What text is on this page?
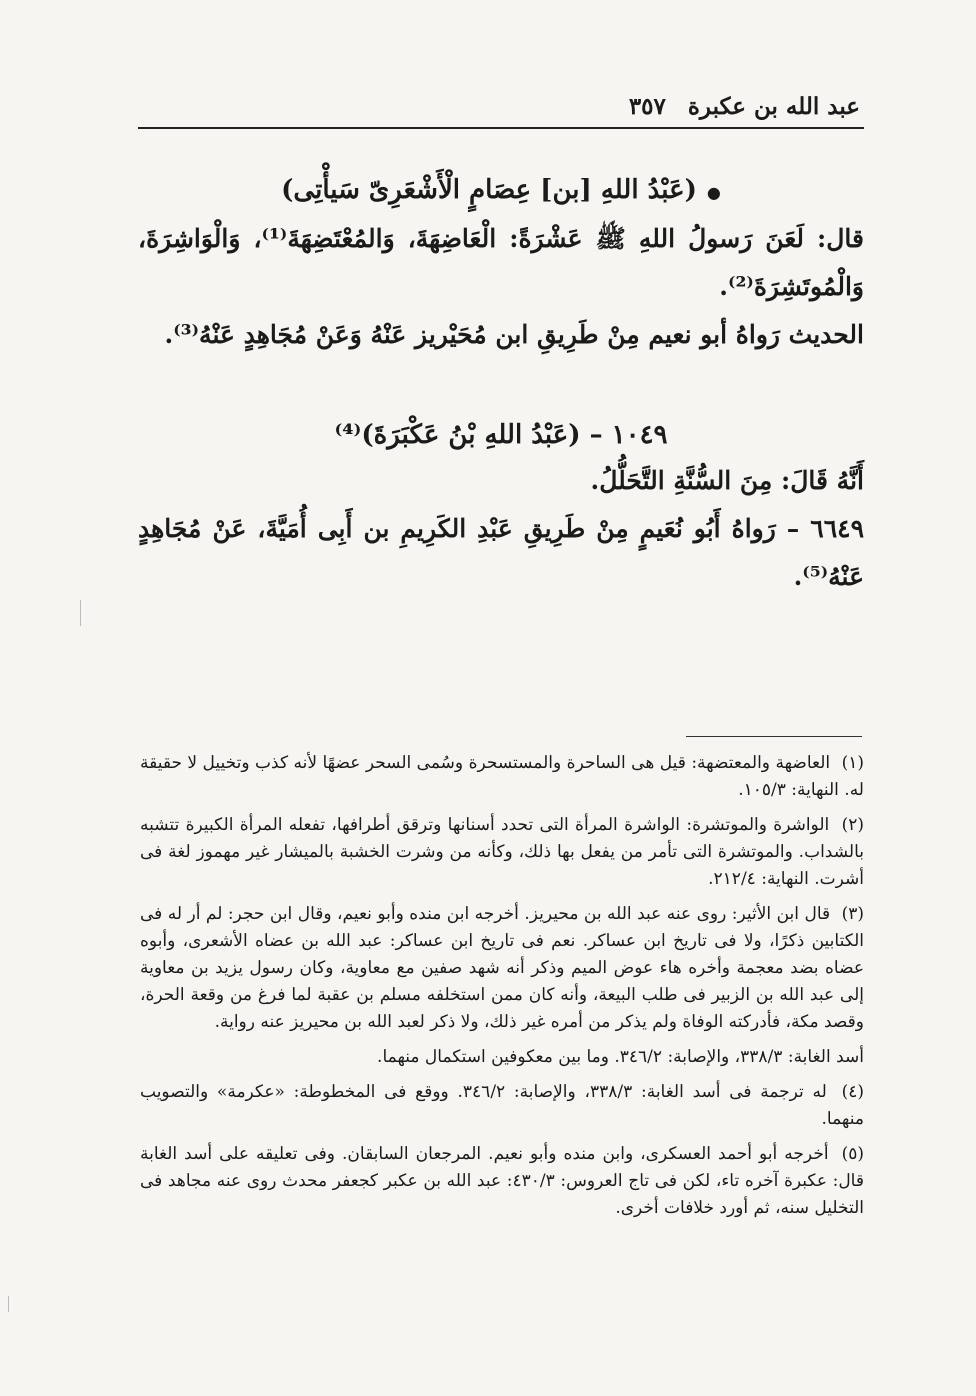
عبد الله بن عكبرة
٣٥٧

●(عَبْدُ اللهِ [بن] عِصَامٍ الْأَشْعَرِىّ سَيأْتِى)

قال: لَعَنَ رَسولُ اللهِ ﷺ عَشْرَةً: الْعَاضِهَةَ، وَالمُعْتَضِهَةَ⁽¹⁾، وَالْوَاشِرَةَ، وَالْمُوتَشِرَةَ⁽²⁾.

الحديث رَواهُ أبو نعيم مِنْ طَرِيقِ ابن مُحَيْريز عَنْهُ وَعَنْ مُجَاهِدٍ عَنْهُ⁽³⁾.

١٠٤٩ – (عَبْدُ اللهِ بْنُ عَكْبَرَةَ)⁽⁴⁾

أَنَّهُ قَالَ: مِنَ السُّنَّةِ التَّحَلُّلُ.

٦٦٤٩ – رَواهُ أَبُو نُعَيمٍ مِنْ طَرِيقِ عَبْدِ الكَرِيمِ بن أَبِى أُمَيَّةَ، عَنْ مُجَاهِدٍ عَنْهُ⁽⁵⁾.

(١) العاضهة والمعتضهة: قيل هى الساحرة والمستسحرة وسُمى السحر عضهًا لأنه كذب وتخييل لا حقيقة له. النهاية: ١٠٥/٣.

(٢) الواشرة والموتشرة: الواشرة المرأة التى تحدد أسنانها وترقق أطرافها، تفعله المرأة الكبيرة تتشبه بالشداب. والموتشرة التى تأمر من يفعل بها ذلك، وكأنه من وشرت الخشبة بالميشار غير مهموز لغة فى أشرت. النهاية: ٢١٢/٤.

(٣) قال ابن الأثير: روى عنه عبد الله بن محيريز. أخرجه ابن منده وأبو نعيم، وقال ابن حجر: لم أر له فى الكتابين ذكرًا، ولا فى تاريخ ابن عساكر. نعم فى تاريخ ابن عساكر: عبد الله بن عضاه الأشعرى، وأبوه عضاه بضد معجمة وأخره هاء عوض الميم وذكر أنه شهد صفين مع معاوية، وكان رسول يزيد بن معاوية إلى عبد الله بن الزبير فى طلب البيعة، وأنه كان ممن استخلفه مسلم بن عقبة لما فرغ من وقعة الحرة، وقصد مكة، فأدركته الوفاة ولم يذكر من أمره غير ذلك، ولا ذكر لعبد الله بن محيريز عنه رواية.

أسد الغابة: ٣٣٨/٣، والإصابة: ٣٤٦/٢. وما بين معكوفين استكمال منهما.

(٤) له ترجمة فى أسد الغابة: ٣٣٨/٣، والإصابة: ٣٤٦/٢. ووقع فى المخطوطة: «عكرمة» والتصويب منهما.

(٥) أخرجه أبو أحمد العسكرى، وابن منده وأبو نعيم. المرجعان السابقان. وفى تعليقه على أسد الغابة قال: عكبرة آخره تاء، لكن فى تاج العروس: ٤٣٠/٣: عبد الله بن عكبر كجعفر محدث روى عنه مجاهد فى التخليل سنه، ثم أورد خلافات أخرى.
